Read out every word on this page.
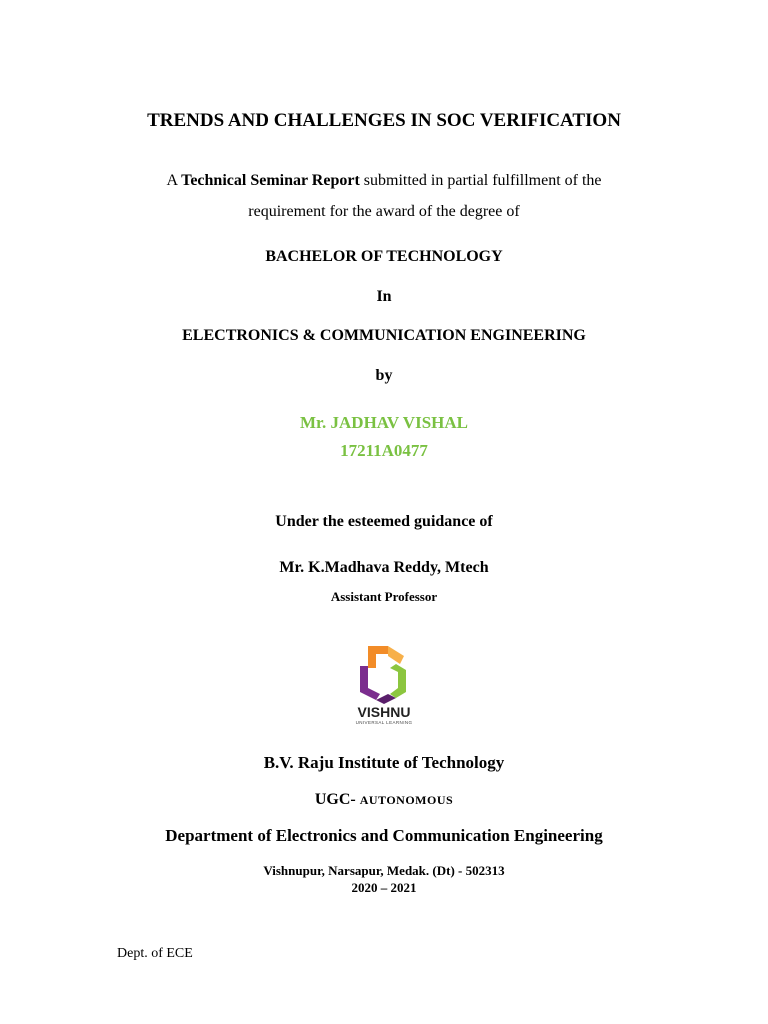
TRENDS AND CHALLENGES IN SOC VERIFICATION
A Technical Seminar Report submitted in partial fulfillment of the
requirement for the award of the degree of
BACHELOR OF TECHNOLOGY
In
ELECTRONICS & COMMUNICATION ENGINEERING
by
Mr. JADHAV VISHAL
17211A0477
Under the esteemed guidance of
Mr. K.Madhava Reddy, Mtech
Assistant Professor
VISHNU
UNIVERSAL LEARNING
B.V. Raju Institute of Technology
UGC- AUTONOMOUS
Department of Electronics and Communication Engineering
Vishnupur, Narsapur, Medak. (Dt) - 502313
2020 – 2021
Dept. of ECE
